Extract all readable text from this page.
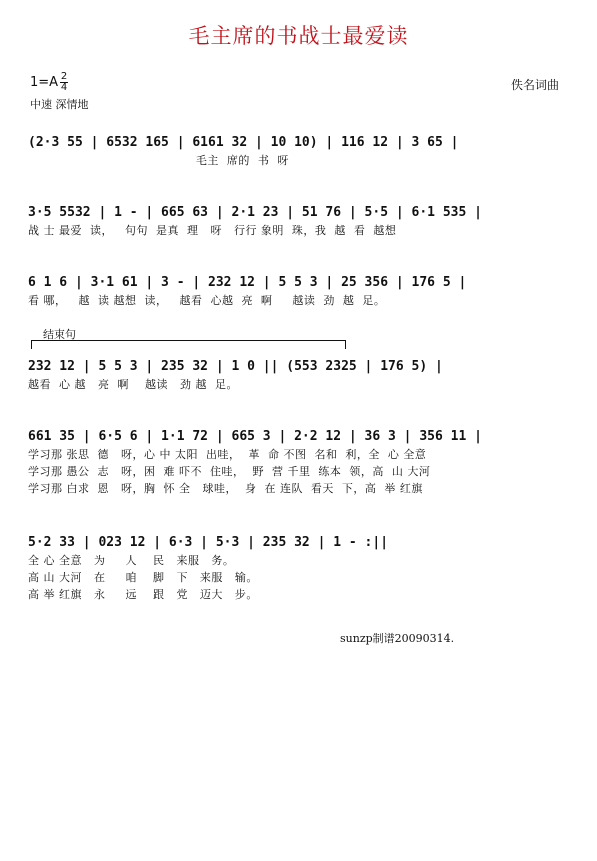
毛主席的书战士最爱读
1=A 2
4
中速 深情地
佚名词曲
(2·3 55 | 6532 165 | 6161 32 | 10 10) | 116 12 | 3 65 |
毛主  席的  书  呀
3·5 5532 | 1 - | 665 63 | 2·1 23 | 51 76 | 5·5 | 6·1 535 |
战 士 最爱  读，   句句  是真  理   呀   行行 象明  珠，我  越  看  越想
6 1 6 | 3·1 61 | 3 - | 232 12 | 5 5 3 | 25 356 | 176 5 |
看 哪，   越  读 越想  读，   越看  心越  亮  啊     越读  劲  越  足。
结束句
232 12 | 5 5 3 | 235 32 | 1 0 || (553 2325 | 176 5) |
越看  心 越   亮  啊    越读   劲 越  足。
661 35 | 6·5 6 | 1·1 72 | 665 3 | 2·2 12 | 36 3 | 356 11 |
学习那 张思  德   呀，心 中 太阳  出哇，  革  命 不图  名和  利，全  心 全意
学习那 愚公  志   呀，困  难 吓不  住哇，  野  营 千里  练本  领，高  山 大河
学习那 白求  恩   呀，胸  怀 全   球哇，  身  在 连队  看天  下，高  举 红旗
5·2 33 | 023 12 | 6·3 | 5·3 | 235 32 | 1 - :||
全 心 全意   为     人    民   来服   务。
高 山 大河   在     咱    脚   下   来服   输。
高 举 红旗   永     远    跟   党   迈大   步。
sunzp制谱20090314.
